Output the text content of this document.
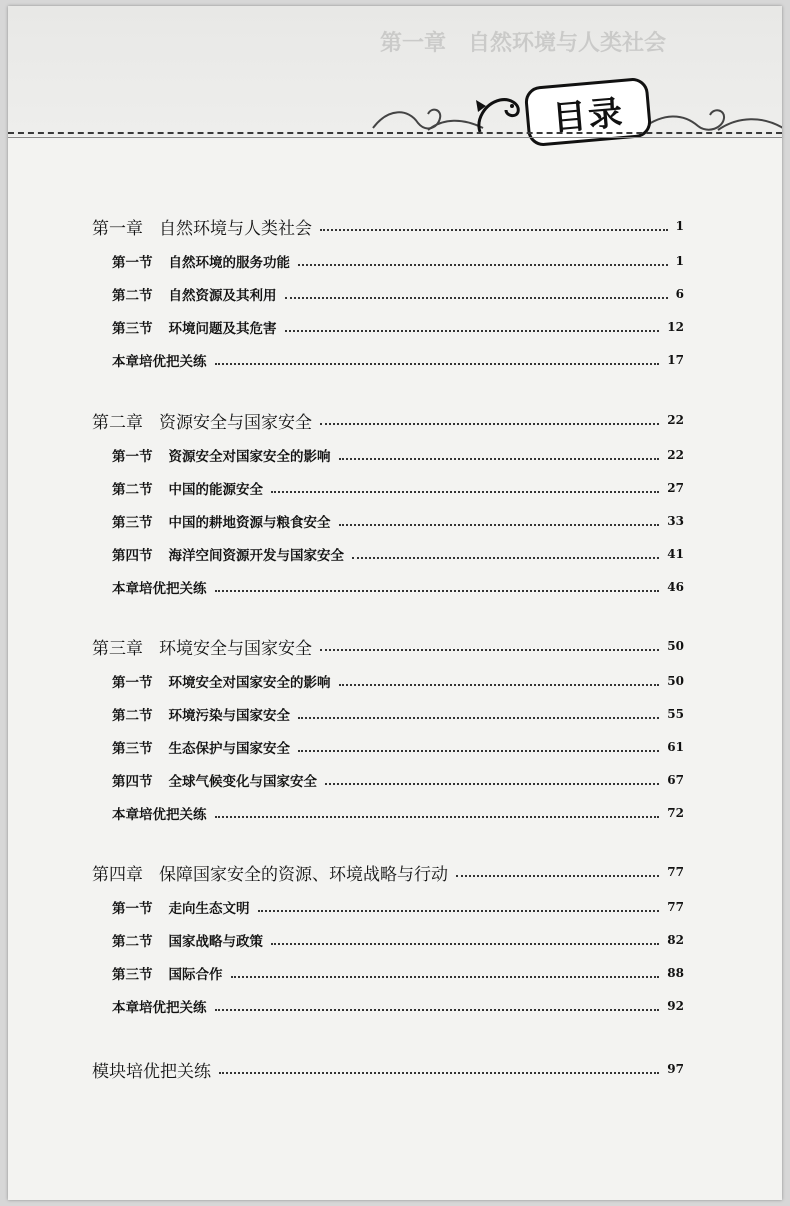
第一章　自然环境与人类社会
目录
第一章 自然环境与人类社会	1
第一节 自然环境的服务功能	1
第二节 自然资源及其利用	6
第三节 环境问题及其危害	12
本章培优把关练	17
第二章 资源安全与国家安全	22
第一节 资源安全对国家安全的影响	22
第二节 中国的能源安全	27
第三节 中国的耕地资源与粮食安全	33
第四节 海洋空间资源开发与国家安全	41
本章培优把关练	46
第三章 环境安全与国家安全	50
第一节 环境安全对国家安全的影响	50
第二节 环境污染与国家安全	55
第三节 生态保护与国家安全	61
第四节 全球气候变化与国家安全	67
本章培优把关练	72
第四章 保障国家安全的资源、环境战略与行动	77
第一节 走向生态文明	77
第二节 国家战略与政策	82
第三节 国际合作	88
本章培优把关练	92
模块培优把关练	97
